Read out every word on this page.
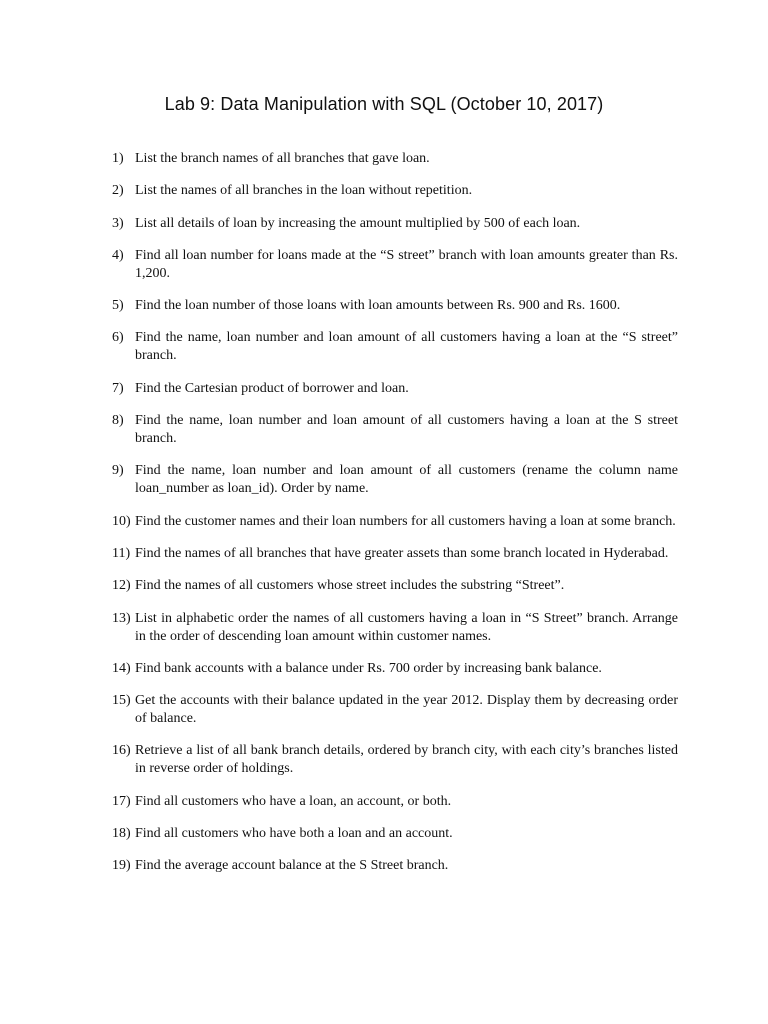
Lab 9: Data Manipulation with SQL (October 10, 2017)
1) List the branch names of all branches that gave loan.
2) List the names of all branches in the loan without repetition.
3) List all details of loan by increasing the amount multiplied by 500 of each loan.
4) Find all loan number for loans made at the “S street” branch with loan amounts greater than Rs. 1,200.
5) Find the loan number of those loans with loan amounts between Rs. 900 and Rs. 1600.
6) Find the name, loan number and loan amount of all customers having a loan at the “S street” branch.
7) Find the Cartesian product of borrower and loan.
8) Find the name, loan number and loan amount of all customers having a loan at the S street branch.
9) Find the name, loan number and loan amount of all customers (rename the column name loan_number as loan_id). Order by name.
10) Find the customer names and their loan numbers for all customers having a loan at some branch.
11) Find the names of all branches that have greater assets than some branch located in Hyderabad.
12) Find the names of all customers whose street includes the substring “Street”.
13) List in alphabetic order the names of all customers having a loan in “S Street” branch. Arrange in the order of descending loan amount within customer names.
14) Find bank accounts with a balance under Rs. 700 order by increasing bank balance.
15) Get the accounts with their balance updated in the year 2012. Display them by decreasing order of balance.
16) Retrieve a list of all bank branch details, ordered by branch city, with each city’s branches listed in reverse order of holdings.
17) Find all customers who have a loan, an account, or both.
18) Find all customers who have both a loan and an account.
19) Find the average account balance at the S Street branch.
